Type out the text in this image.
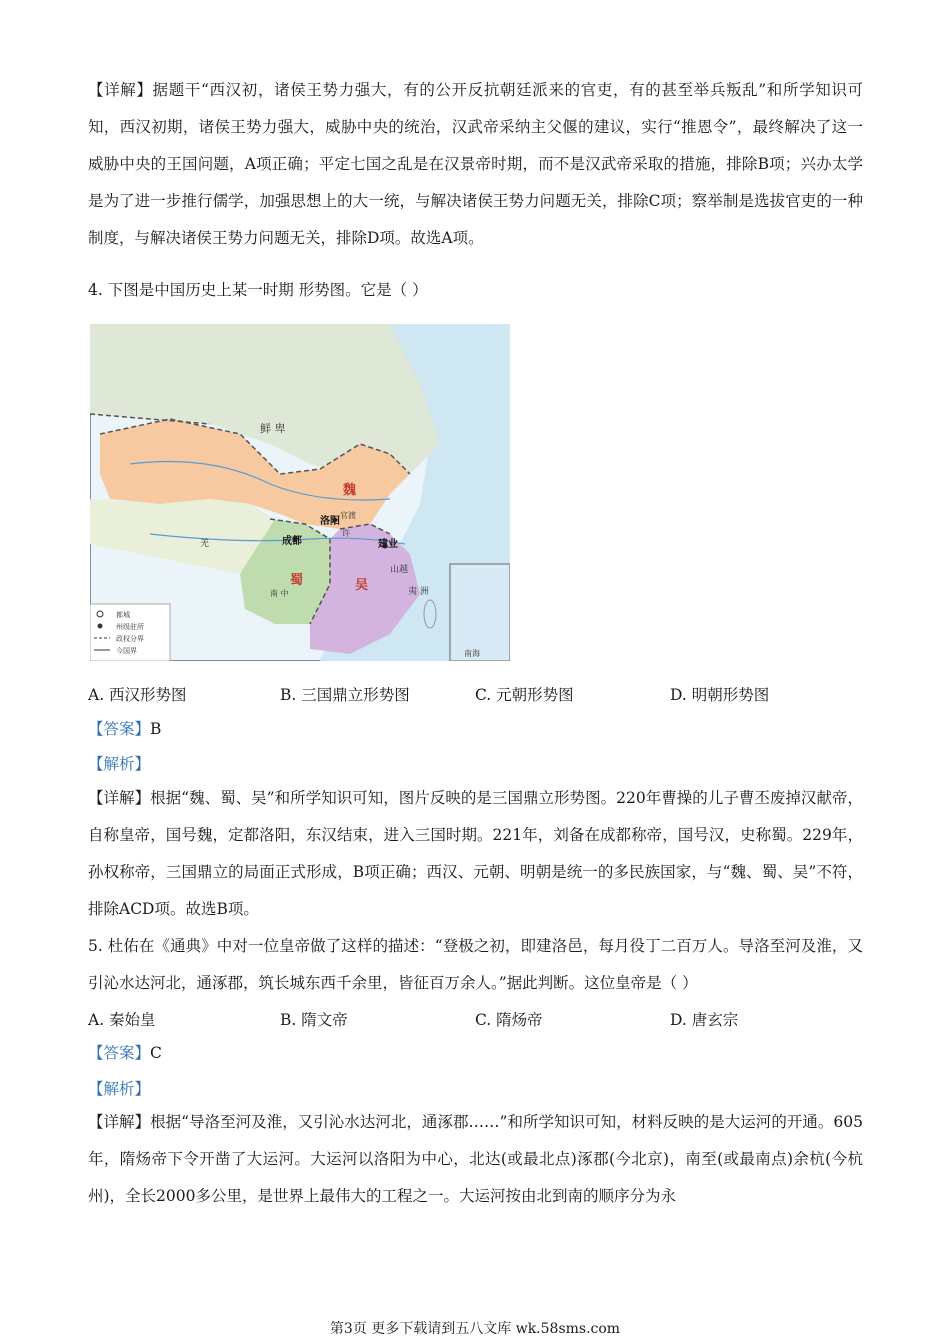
【详解】据题干“西汉初，诸侯王势力强大，有的公开反抗朝廷派来的官吏，有的甚至举兵叛乱”和所学知识可知，西汉初期，诸侯王势力强大，威胁中央的统治，汉武帝采纳主父偃的建议，实行“推恩令”，最终解决了这一威胁中央的王国问题，A项正确；平定七国之乱是在汉景帝时期，而不是汉武帝采取的措施，排除B项；兴办太学是为了进一步推行儒学，加强思想上的大一统，与解决诸侯王势力问题无关，排除C项；察举制是选拔官吏的一种制度，与解决诸侯王势力问题无关，排除D项。故选A项。

4. 下图是中国历史上某一时期 形势图。它是（ ）
都城
州级驻所
政权分界
今国界
鲜 卑
魏
洛阳
官渡
许
成都
蜀
建业
吴
山越
羌
夷 洲
南 中
南海
A. 西汉形势图	B. 三国鼎立形势图	C. 元朝形势图	D. 明朝形势图
【答案】B
【解析】

【详解】根据“魏、蜀、吴”和所学知识可知，图片反映的是三国鼎立形势图。220年曹操的儿子曹丕废掉汉献帝，自称皇帝，国号魏，定都洛阳，东汉结束，进入三国时期。221年，刘备在成都称帝，国号汉，史称蜀。229年，孙权称帝，三国鼎立的局面正式形成，B项正确；西汉、元朝、明朝是统一的多民族国家，与“魏、蜀、吴”不符，排除ACD项。故选B项。

5. 杜佑在《通典》中对一位皇帝做了这样的描述：“登极之初，即建洛邑，每月役丁二百万人。导洛至河及淮，又引沁水达河北，通涿郡，筑长城东西千余里，皆征百万余人。”据此判断。这位皇帝是（ ）

A. 秦始皇	B. 隋文帝	C. 隋炀帝	D. 唐玄宗
【答案】C
【解析】

【详解】根据“导洛至河及淮，又引沁水达河北，通涿郡……”和所学知识可知，材料反映的是大运河的开通。605年，隋炀帝下令开凿了大运河。大运河以洛阳为中心，北达(或最北点)涿郡(今北京)，南至(或最南点)余杭(今杭州)，全长2000多公里，是世界上最伟大的工程之一。大运河按由北到南的顺序分为永

第3页 更多下载请到五八文库 wk.58sms.com
